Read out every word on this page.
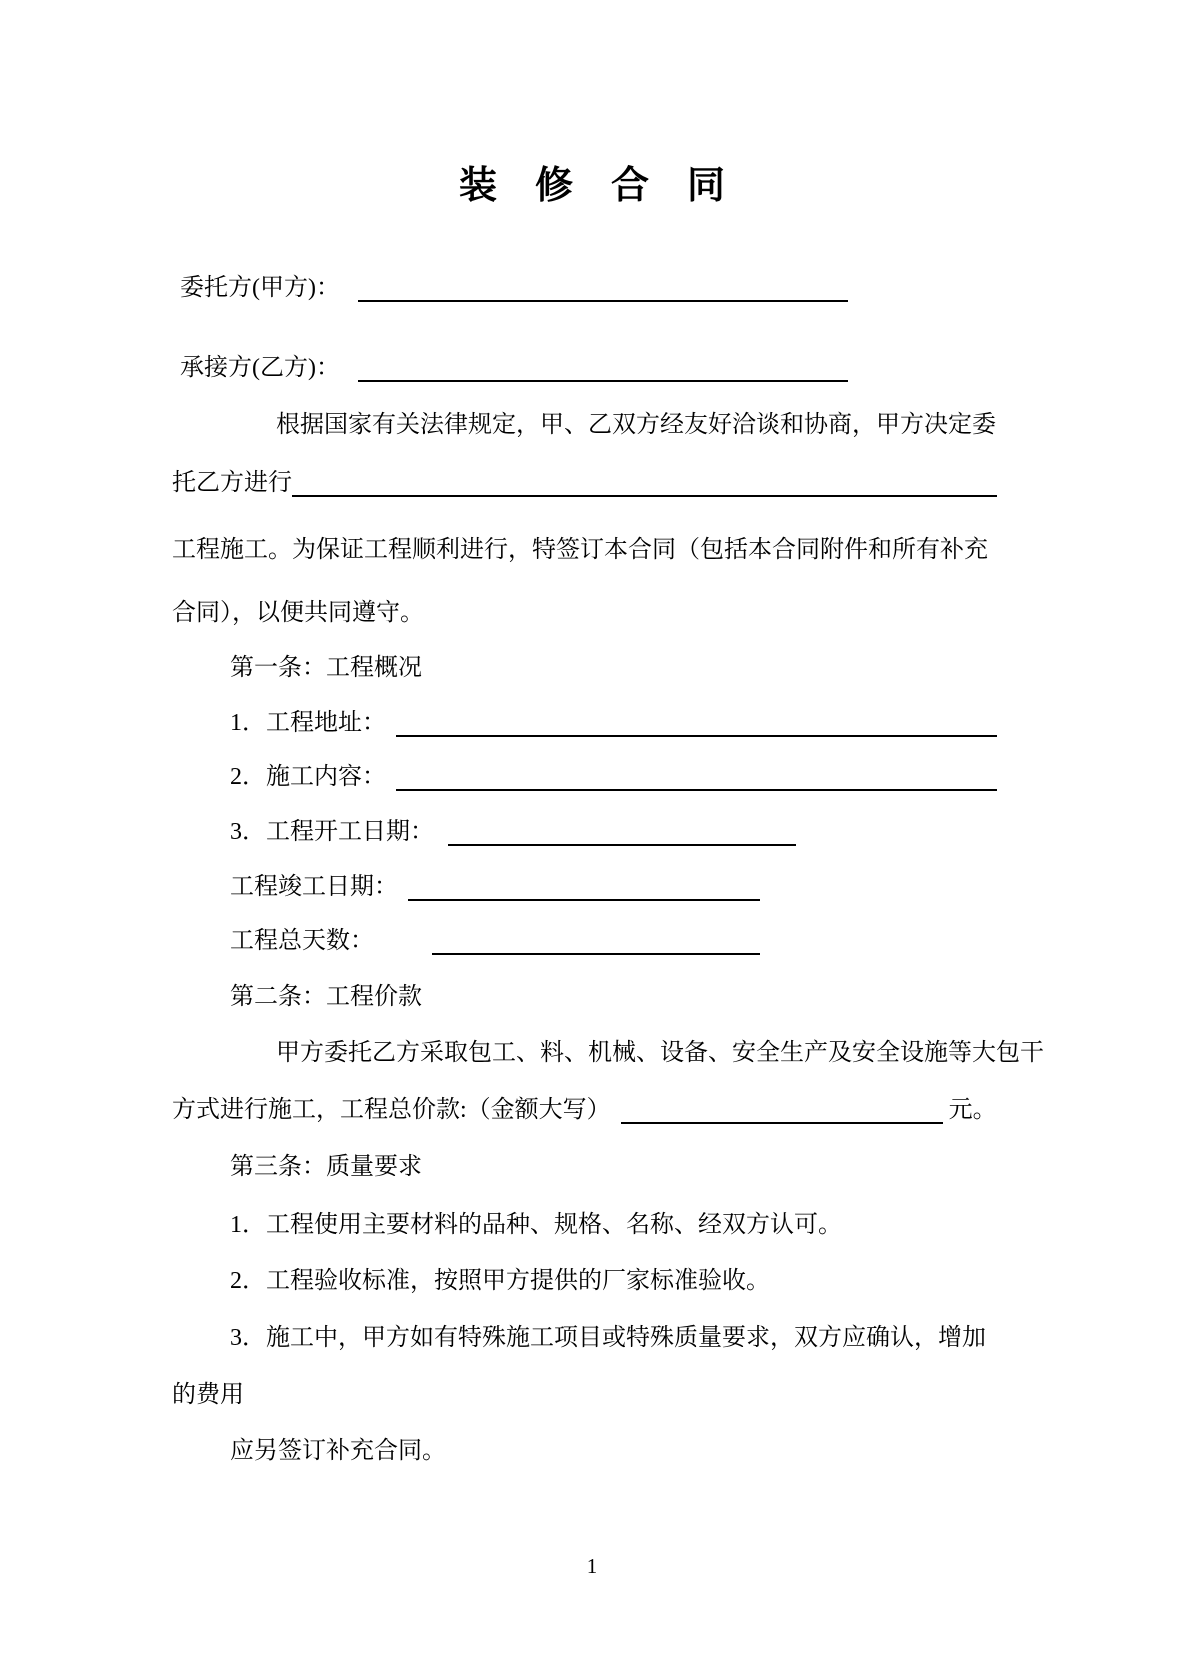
装　修　合　同
委托方(甲方)：
承接方(乙方)：
根据国家有关法律规定，甲、乙双方经友好洽谈和协商，甲方决定委
托乙方进行
工程施工。为保证工程顺利进行，特签订本合同（包括本合同附件和所有补充
合同），以便共同遵守。
第一条：工程概况
1．工程地址：
2．施工内容：
3．工程开工日期：
工程竣工日期：
工程总天数：
第二条：工程价款
甲方委托乙方采取包工、料、机械、设备、安全生产及安全设施等大包干
方式进行施工，工程总价款:（金额大写）	元。
第三条：质量要求
1．工程使用主要材料的品种、规格、名称、经双方认可。
2．工程验收标准，按照甲方提供的厂家标准验收。
3．施工中，甲方如有特殊施工项目或特殊质量要求，双方应确认，增加
的费用
应另签订补充合同。
1
